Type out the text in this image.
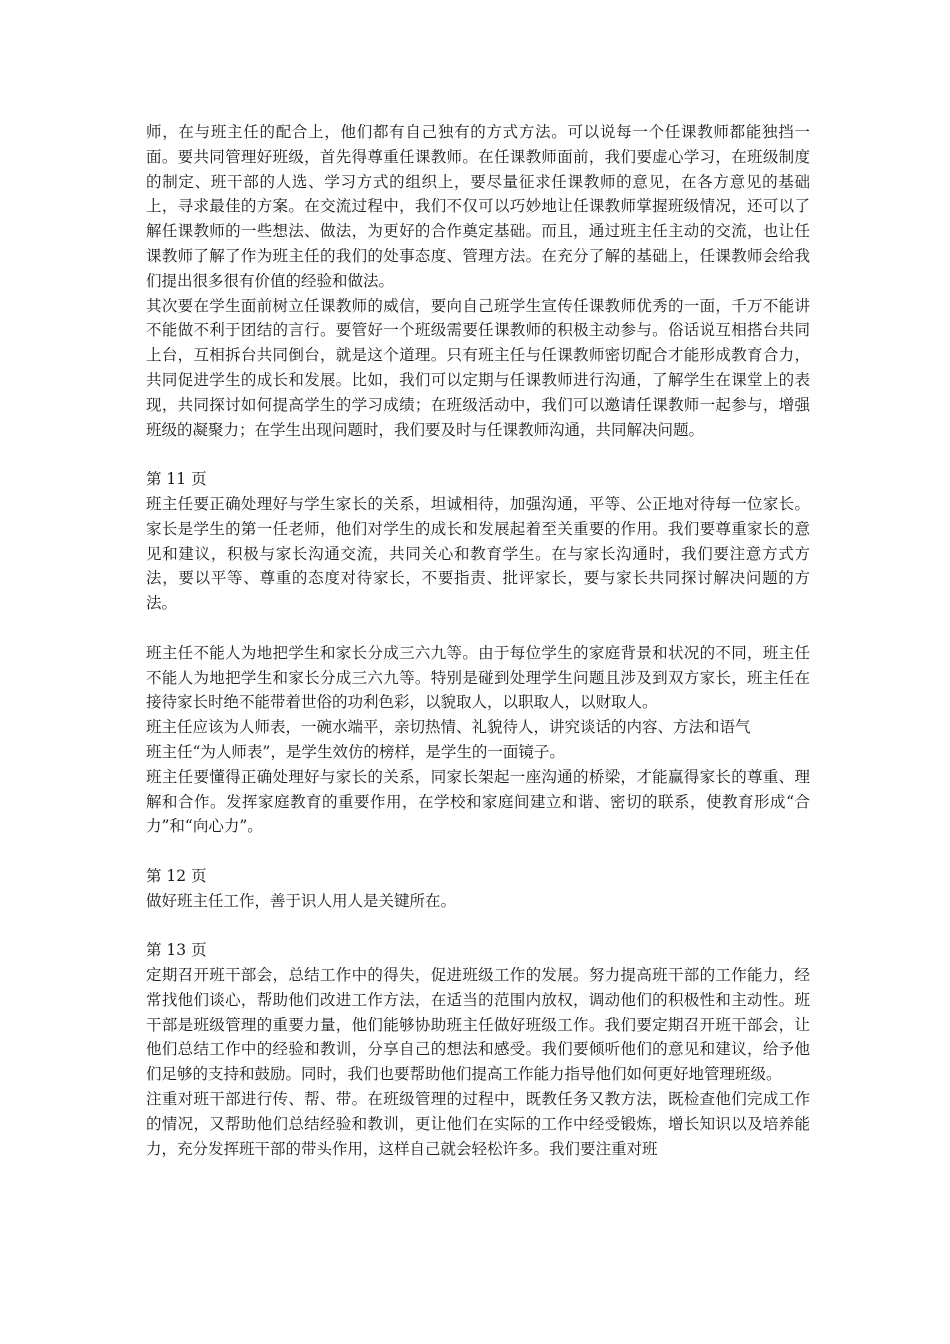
师，在与班主任的配合上，他们都有自己独有的方式方法。可以说每一个任课教师都能独挡一面。要共同管理好班级，首先得尊重任课教师。在任课教师面前，我们要虚心学习，在班级制度的制定、班干部的人选、学习方式的组织上，要尽量征求任课教师的意见，在各方意见的基础上，寻求最佳的方案。在交流过程中，我们不仅可以巧妙地让任课教师掌握班级情况，还可以了解任课教师的一些想法、做法，为更好的合作奠定基础。而且，通过班主任主动的交流，也让任课教师了解了作为班主任的我们的处事态度、管理方法。在充分了解的基础上，任课教师会给我们提出很多很有价值的经验和做法。

其次要在学生面前树立任课教师的威信，要向自己班学生宣传任课教师优秀的一面，千万不能讲不能做不利于团结的言行。要管好一个班级需要任课教师的积极主动参与。俗话说互相搭台共同上台，互相拆台共同倒台，就是这个道理。只有班主任与任课教师密切配合才能形成教育合力，共同促进学生的成长和发展。比如，我们可以定期与任课教师进行沟通，了解学生在课堂上的表现，共同探讨如何提高学生的学习成绩；在班级活动中，我们可以邀请任课教师一起参与，增强班级的凝聚力；在学生出现问题时，我们要及时与任课教师沟通，共同解决问题。

第 11 页

班主任要正确处理好与学生家长的关系，坦诚相待，加强沟通，平等、公正地对待每一位家长。家长是学生的第一任老师，他们对学生的成长和发展起着至关重要的作用。我们要尊重家长的意见和建议，积极与家长沟通交流，共同关心和教育学生。在与家长沟通时，我们要注意方式方法，要以平等、尊重的态度对待家长，不要指责、批评家长，要与家长共同探讨解决问题的方法。

班主任不能人为地把学生和家长分成三六九等。由于每位学生的家庭背景和状况的不同，班主任不能人为地把学生和家长分成三六九等。特别是碰到处理学生问题且涉及到双方家长，班主任在接待家长时绝不能带着世俗的功利色彩，以貌取人，以职取人，以财取人。

班主任应该为人师表，一碗水端平，亲切热情、礼貌待人，讲究谈话的内容、方法和语气

班主任“为人师表”，是学生效仿的榜样，是学生的一面镜子。

班主任要懂得正确处理好与家长的关系，同家长架起一座沟通的桥梁，才能赢得家长的尊重、理解和合作。发挥家庭教育的重要作用，在学校和家庭间建立和谐、密切的联系，使教育形成“合力”和“向心力”。

第 12 页

做好班主任工作，善于识人用人是关键所在。

第 13 页

定期召开班干部会，总结工作中的得失，促进班级工作的发展。努力提高班干部的工作能力，经常找他们谈心，帮助他们改进工作方法，在适当的范围内放权，调动他们的积极性和主动性。班干部是班级管理的重要力量，他们能够协助班主任做好班级工作。我们要定期召开班干部会，让他们总结工作中的经验和教训，分享自己的想法和感受。我们要倾听他们的意见和建议，给予他们足够的支持和鼓励。同时，我们也要帮助他们提高工作能力指导他们如何更好地管理班级。

注重对班干部进行传、帮、带。在班级管理的过程中，既教任务又教方法，既检查他们完成工作的情况，又帮助他们总结经验和教训，更让他们在实际的工作中经受锻炼，增长知识以及培养能力，充分发挥班干部的带头作用，这样自己就会轻松许多。我们要注重对班
